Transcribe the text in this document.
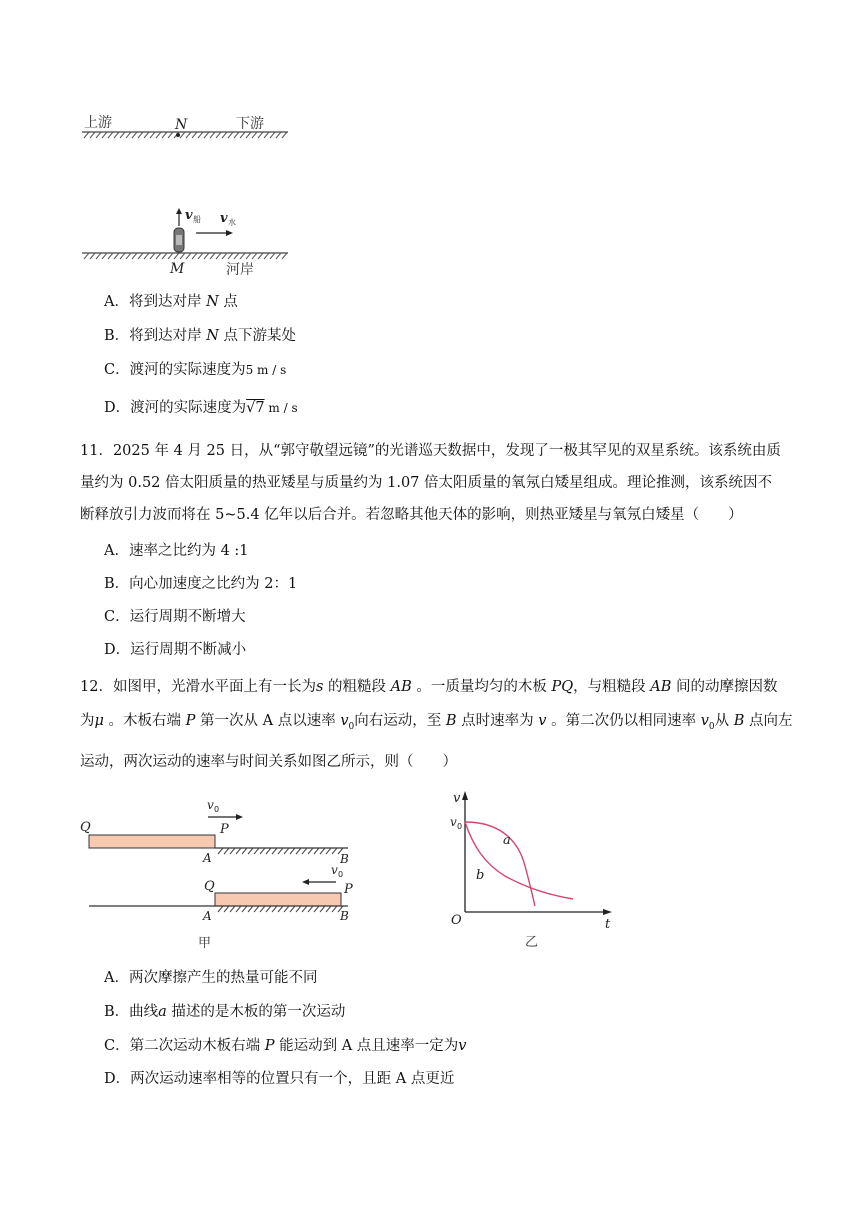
上游	N	下游
v 船 v 水
M	河岸
A．将到达对岸 N 点
B．将到达对岸 N 点下游某处
C．渡河的实际速度为5 m / s
D．渡河的实际速度为√7 m / s
11．2025 年 4 月 25 日，从“郭守敬望远镜”的光谱巡天数据中，发现了一极其罕见的双星系统。该系统由质
量约为 0.52 倍太阳质量的热亚矮星与质量约为 1.07 倍太阳质量的氧氖白矮星组成。理论推测，该系统因不
断释放引力波而将在 5~5.4 亿年以后合并。若忽略其他天体的影响，则热亚矮星与氧氖白矮星（　　）
A．速率之比约为 4 :1
B．向心加速度之比约为 2：1
C．运行周期不断增大
D．运行周期不断减小
12．如图甲，光滑水平面上有一长为s 的粗糙段 AB 。一质量均匀的木板 PQ，与粗糙段 AB 间的动摩擦因数
为μ 。木板右端 P 第一次从 A 点以速率 $v_0$向右运动，至 B 点时速率为 v 。第二次仍以相同速率 $v_0$从 B 点向左
运动，两次运动的速率与时间关系如图乙所示，则（　　）
v 0
Q	P
A	B
v 0
Q	P
A	B
甲
v
t
O
v 0
a
b
乙
A．两次摩擦产生的热量可能不同
B．曲线a 描述的是木板的第一次运动
C．第二次运动木板右端 P 能运动到 A 点且速率一定为v
D．两次运动速率相等的位置只有一个，且距 A 点更近
